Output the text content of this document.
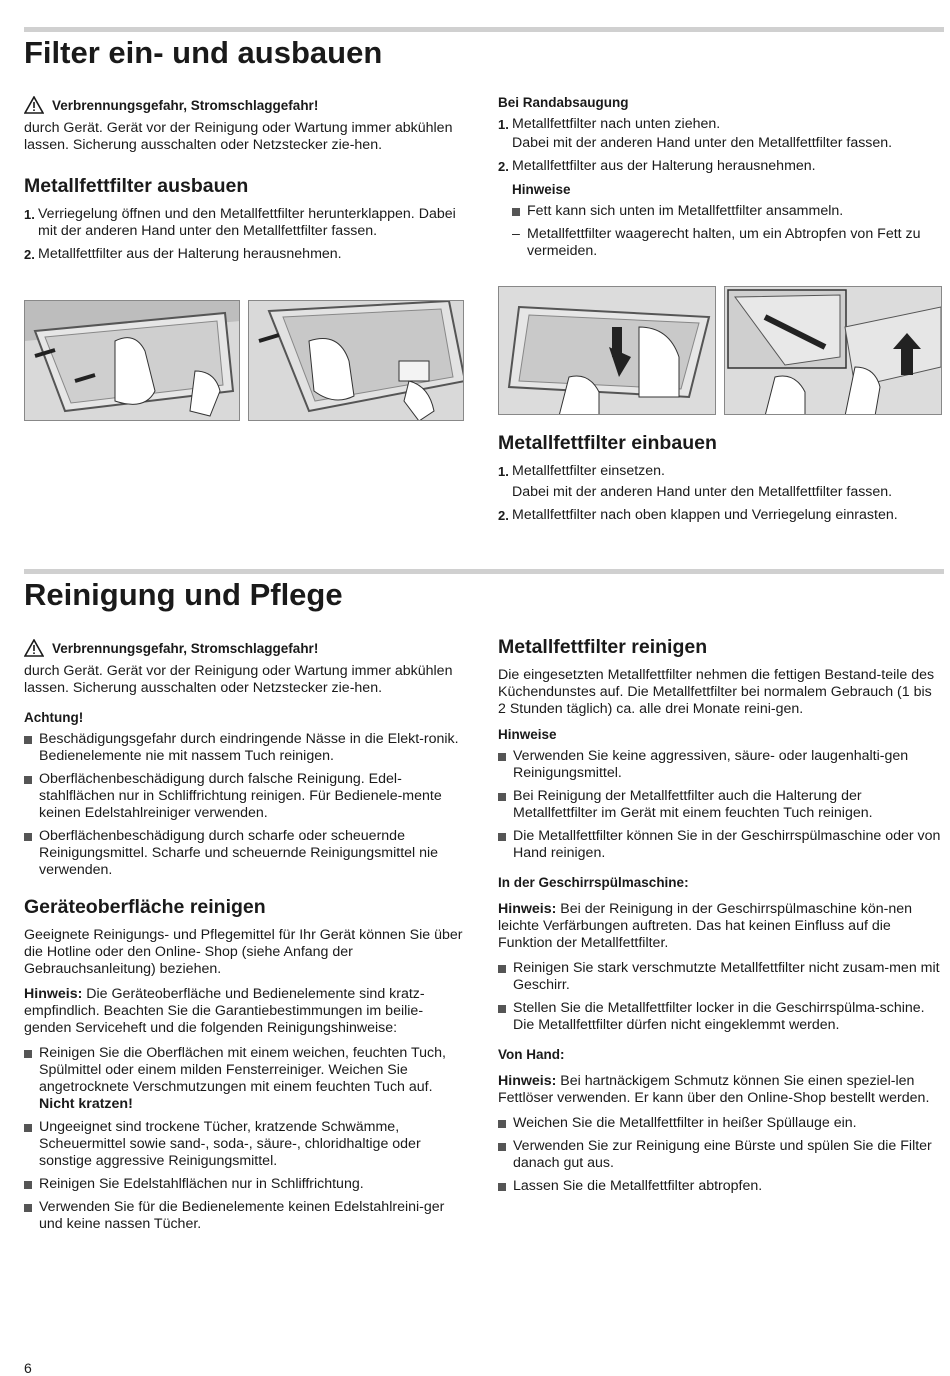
Filter ein- und ausbauen
Verbrennungsgefahr, Stromschlaggefahr!

durch Gerät. Gerät vor der Reinigung oder Wartung immer abkühlen lassen. Sicherung ausschalten oder Netzstecker zie-hen.

Metallfettfilter ausbauen
1. Verriegelung öffnen und den Metallfettfilter herunterklappen. Dabei mit der anderen Hand unter den Metallfettfilter fassen.
2. Metallfettfilter aus der Halterung herausnehmen.
Bei Randabsaugung
1. Metallfettfilter nach unten ziehen.
Dabei mit der anderen Hand unter den Metallfettfilter fassen.
2. Metallfettfilter aus der Halterung herausnehmen.
Hinweise
Fett kann sich unten im Metallfettfilter ansammeln.
– Metallfettfilter waagerecht halten, um ein Abtropfen von Fett zu vermeiden.
Metallfettfilter einbauen
1. Metallfettfilter einsetzen.
Dabei mit der anderen Hand unter den Metallfettfilter fassen.
2. Metallfettfilter nach oben klappen und Verriegelung einrasten.
Reinigung und Pflege
Verbrennungsgefahr, Stromschlaggefahr!

durch Gerät. Gerät vor der Reinigung oder Wartung immer abkühlen lassen. Sicherung ausschalten oder Netzstecker zie-hen.

Achtung!
Beschädigungsgefahr durch eindringende Nässe in die Elekt-ronik. Bedienelemente nie mit nassem Tuch reinigen.
Oberflächenbeschädigung durch falsche Reinigung. Edel-stahlflächen nur in Schliffrichtung reinigen. Für Bedienele-mente keinen Edelstahlreiniger verwenden.
Oberflächenbeschädigung durch scharfe oder scheuernde Reinigungsmittel. Scharfe und scheuernde Reinigungsmittel nie verwenden.
Geräteoberfläche reinigen

Geeignete Reinigungs- und Pflegemittel für Ihr Gerät können Sie über die Hotline oder den Online- Shop (siehe Anfang der Gebrauchsanleitung) beziehen.

Hinweis: Die Geräteoberfläche und Bedienelemente sind kratz-empfindlich. Beachten Sie die Garantiebestimmungen im beilie-genden Serviceheft und die folgenden Reinigungshinweise:

Reinigen Sie die Oberflächen mit einem weichen, feuchten Tuch, Spülmittel oder einem milden Fensterreiniger. Weichen Sie angetrocknete Verschmutzungen mit einem feuchten Tuch auf. Nicht kratzen!
Ungeeignet sind trockene Tücher, kratzende Schwämme, Scheuermittel sowie sand-, soda-, säure-, chloridhaltige oder sonstige aggressive Reinigungsmittel.
Reinigen Sie Edelstahlflächen nur in Schliffrichtung.
Verwenden Sie für die Bedienelemente keinen Edelstahlreini-ger und keine nassen Tücher.
Metallfettfilter reinigen

Die eingesetzten Metallfettfilter nehmen die fettigen Bestand-teile des Küchendunstes auf. Die Metallfettfilter bei normalem Gebrauch (1 bis 2 Stunden täglich) ca. alle drei Monate reini-gen.

Hinweise
Verwenden Sie keine aggressiven, säure- oder laugenhalti-gen Reinigungsmittel.
Bei Reinigung der Metallfettfilter auch die Halterung der Metallfettfilter im Gerät mit einem feuchten Tuch reinigen.
Die Metallfettfilter können Sie in der Geschirrspülmaschine oder von Hand reinigen.
In der Geschirrspülmaschine:

Hinweis: Bei der Reinigung in der Geschirrspülmaschine kön-nen leichte Verfärbungen auftreten. Das hat keinen Einfluss auf die Funktion der Metallfettfilter.

Reinigen Sie stark verschmutzte Metallfettfilter nicht zusam-men mit Geschirr.
Stellen Sie die Metallfettfilter locker in die Geschirrspülma-schine. Die Metallfettfilter dürfen nicht eingeklemmt werden.
Von Hand:

Hinweis: Bei hartnäckigem Schmutz können Sie einen speziel-len Fettlöser verwenden. Er kann über den Online-Shop bestellt werden.

Weichen Sie die Metallfettfilter in heißer Spüllauge ein.
Verwenden Sie zur Reinigung eine Bürste und spülen Sie die Filter danach gut aus.
Lassen Sie die Metallfettfilter abtropfen.
6
